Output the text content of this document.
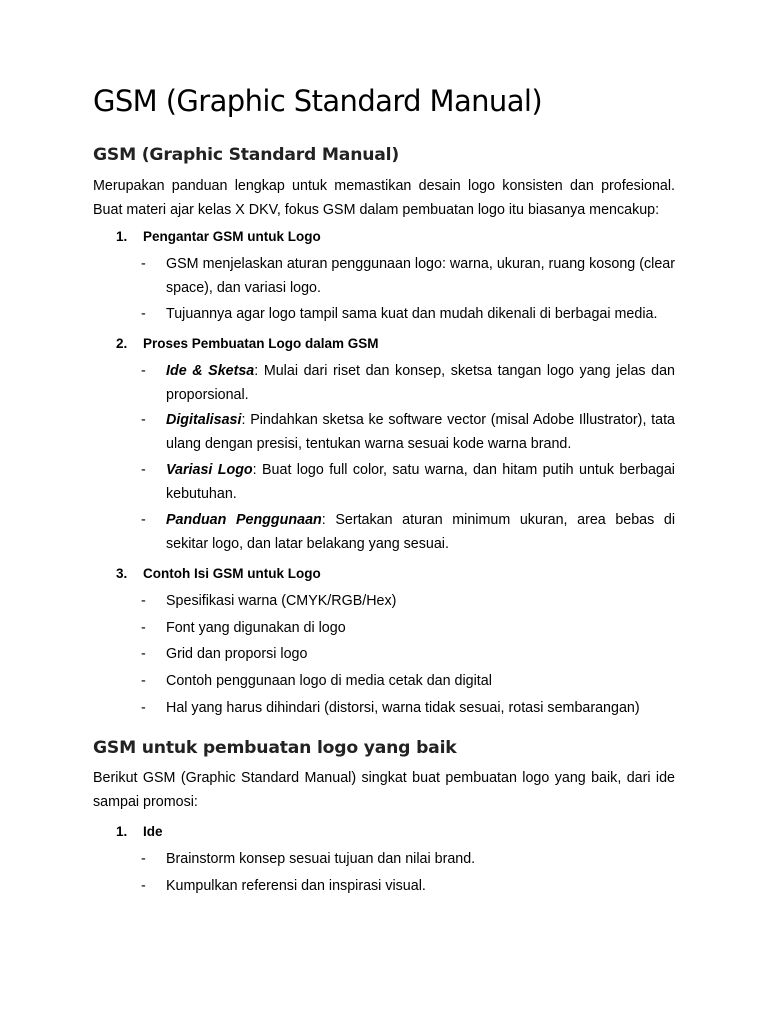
GSM (Graphic Standard Manual)
GSM (Graphic Standard Manual)

Merupakan panduan lengkap untuk memastikan desain logo konsisten dan profesional. Buat materi ajar kelas X DKV, fokus GSM dalam pembuatan logo itu biasanya mencakup:

1. Pengantar GSM untuk Logo
- GSM menjelaskan aturan penggunaan logo: warna, ukuran, ruang kosong (clear space), dan variasi logo.
- Tujuannya agar logo tampil sama kuat dan mudah dikenali di berbagai media.
2. Proses Pembuatan Logo dalam GSM
- Ide & Sketsa: Mulai dari riset dan konsep, sketsa tangan logo yang jelas dan proporsional.
- Digitalisasi: Pindahkan sketsa ke software vector (misal Adobe Illustrator), tata ulang dengan presisi, tentukan warna sesuai kode warna brand.
- Variasi Logo: Buat logo full color, satu warna, dan hitam putih untuk berbagai kebutuhan.
- Panduan Penggunaan: Sertakan aturan minimum ukuran, area bebas di sekitar logo, dan latar belakang yang sesuai.
3. Contoh Isi GSM untuk Logo
- Spesifikasi warna (CMYK/RGB/Hex)
- Font yang digunakan di logo
- Grid dan proporsi logo
- Contoh penggunaan logo di media cetak dan digital
- Hal yang harus dihindari (distorsi, warna tidak sesuai, rotasi sembarangan)
GSM untuk pembuatan logo yang baik

Berikut GSM (Graphic Standard Manual) singkat buat pembuatan logo yang baik, dari ide sampai promosi:

1. Ide
- Brainstorm konsep sesuai tujuan dan nilai brand.
- Kumpulkan referensi dan inspirasi visual.
